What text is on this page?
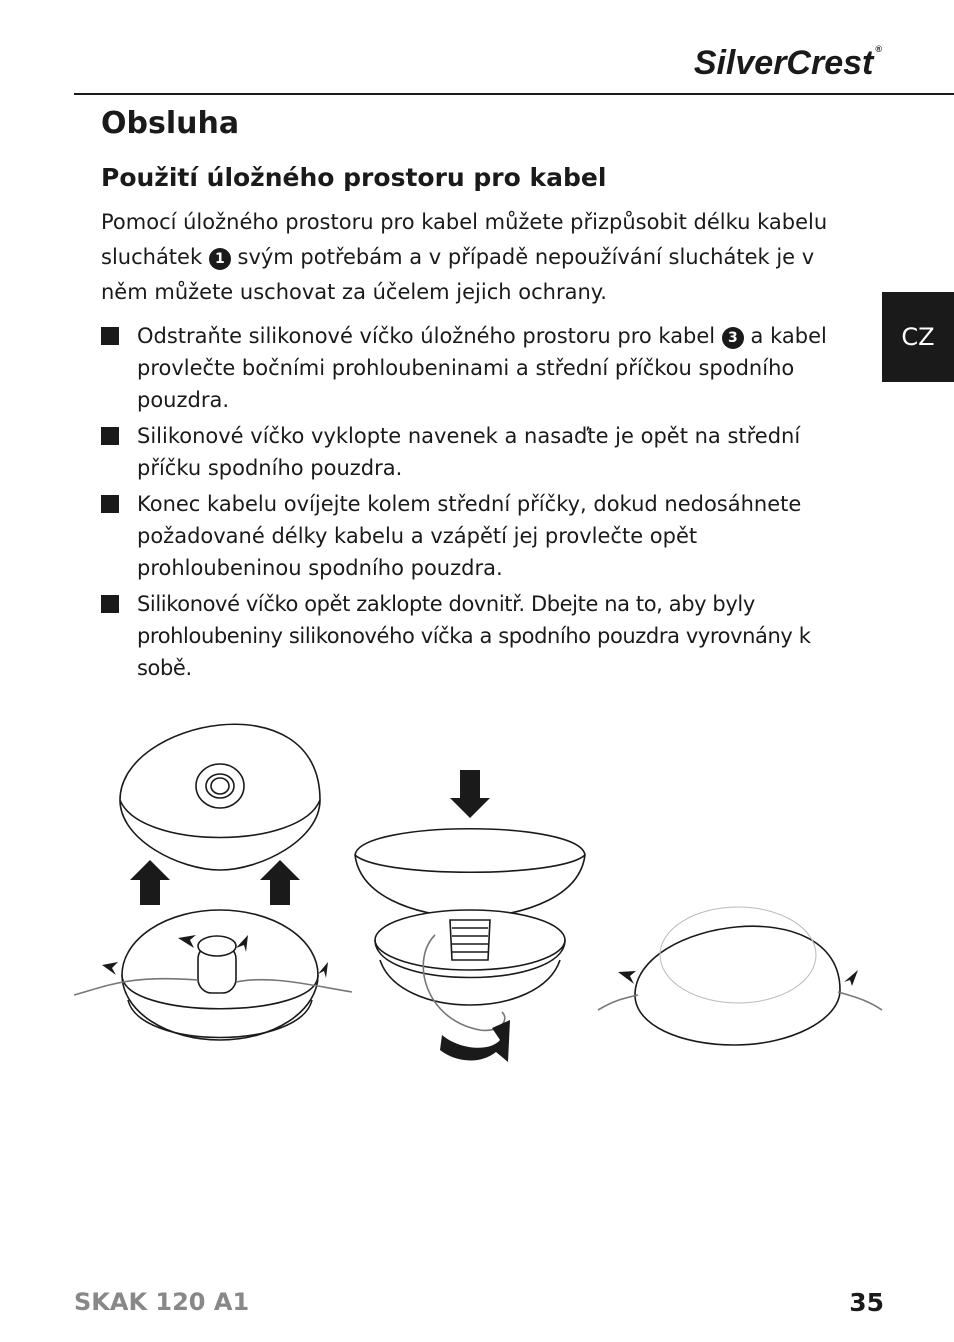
SilverCrest ®
CZ
Obsluha
Použití úložného prostoru pro kabel

Pomocí úložného prostoru pro kabel můžete přizpůsobit délku kabelu sluchátek 1 svým potřebám a v případě nepoužívání sluchátek je v něm můžete uschovat za účelem jejich ochrany.

Odstraňte silikonové víčko úložného prostoru pro kabel 3 a kabel provlečte bočními prohloubeninami a střední příčkou spodního pouzdra.
Silikonové víčko vyklopte navenek a nasaďte je opět na střední příčku spodního pouzdra.
Konec kabelu ovíjejte kolem střední příčky, dokud nedosáhnete požadované délky kabelu a vzápětí jej provlečte opět prohloubeninou spodního pouzdra.
Silikonové víčko opět zaklopte dovnitř. Dbejte na to, aby byly prohloubeniny silikonového víčka a spodního pouzdra vyrovnány k sobě.
SKAK 120 A1	35
